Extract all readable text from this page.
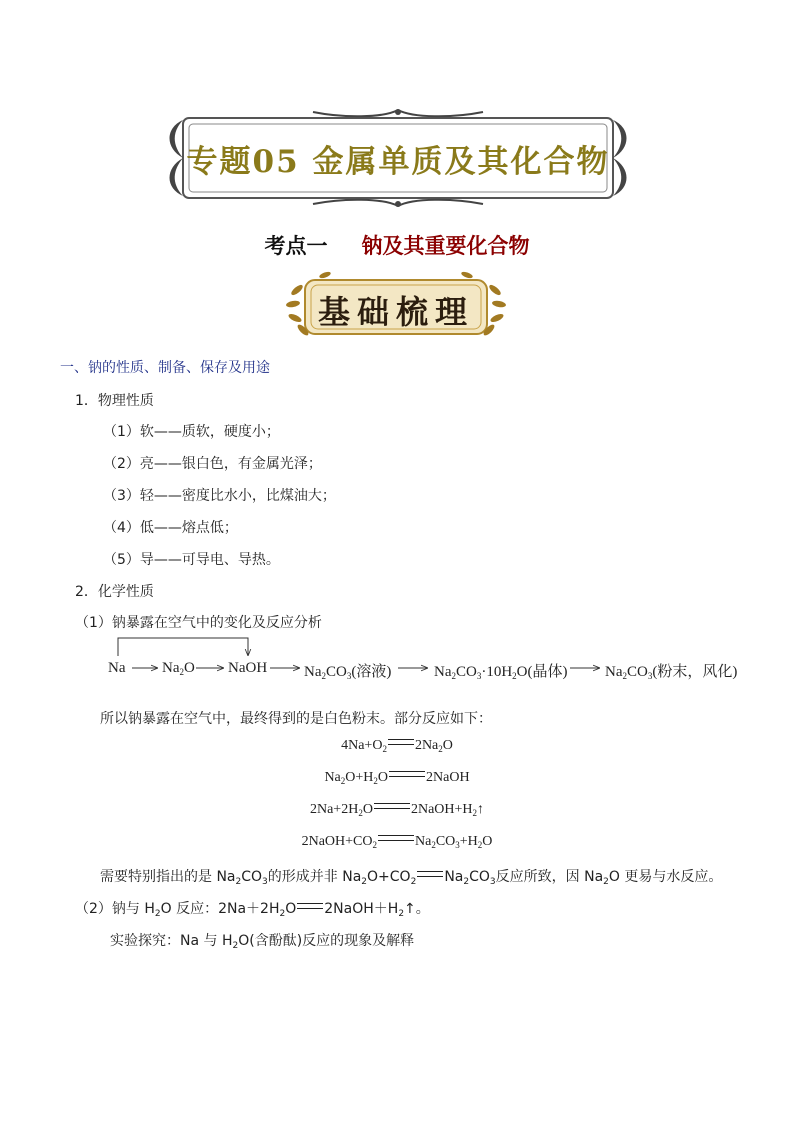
专题05 金属单质及其化合物
考点一 钠及其重要化合物
基础梳理
一、钠的性质、制备、保存及用途
1．物理性质
（1）软——质软，硬度小；
（2）亮——银白色，有金属光泽；
（3）轻——密度比水小，比煤油大；
（4）低——熔点低；
（5）导——可导电、导热。
2．化学性质
（1）钠暴露在空气中的变化及反应分析
Na $Na_2O$ NaOH $Na_2CO_3$(溶液)	$Na_2CO_3\cdot 10H_2O$(晶体)	$Na_2CO_3$(粉末，风化)
所以钠暴露在空气中，最终得到的是白色粉末。部分反应如下：
$4Na+O_2$ $2Na_2O$
$Na_2O+H_2O$	2NaOH
$2Na+2H_2O$	$2NaOH+H_2↑$
$2NaOH+CO_2$	$Na_2CO_3+H_2O$
需要特别指出的是 $Na_2CO_3$的形成并非 $Na_2O+CO_2$ $Na_2CO_3$反应所致，因 $Na_2O$ 更易与水反应。
（2）钠与 $H_2O$ 反应：$2Na+2H_2O$ $2NaOH+H_2↑$。
实验探究：Na 与 $H_2O$(含酚酞)反应的现象及解释
